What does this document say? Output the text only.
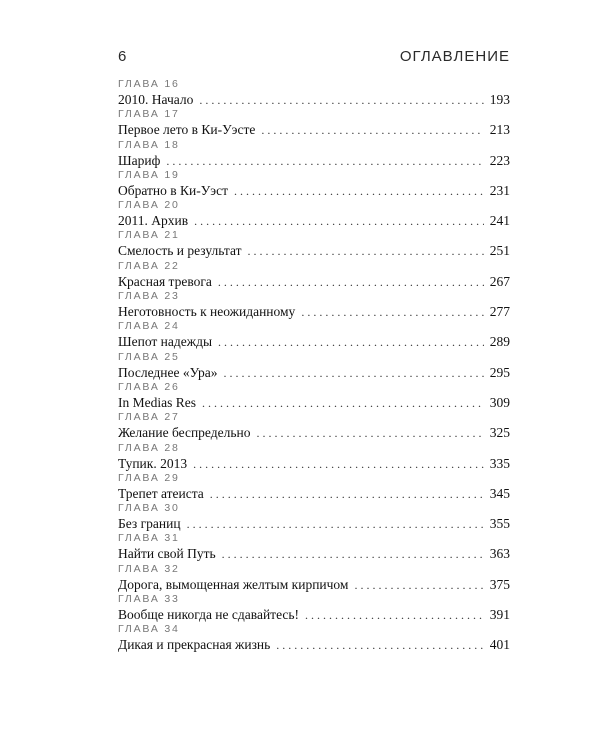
6	ОГЛАВЛЕНИЕ
ГЛАВА 16
2010. Начало . . .	193
ГЛАВА 17
Первое лето в Ки-Уэсте . . .	213
ГЛАВА 18
Шариф . . .	223
ГЛАВА 19
Обратно в Ки-Уэст . . .	231
ГЛАВА 20
2011. Архив . . .	241
ГЛАВА 21
Смелость и результат . . .	251
ГЛАВА 22
Красная тревога . . .	267
ГЛАВА 23
Неготовность к неожиданному . . .	277
ГЛАВА 24
Шепот надежды . . .	289
ГЛАВА 25
Последнее «Ура» . . .	295
ГЛАВА 26
In Medias Res . . .	309
ГЛАВА 27
Желание беспредельно . . .	325
ГЛАВА 28
Тупик. 2013 . . .	335
ГЛАВА 29
Трепет атеиста . . .	345
ГЛАВА 30
Без границ . . .	355
ГЛАВА 31
Найти свой Путь . . .	363
ГЛАВА 32
Дорога, вымощенная желтым кирпичом . . .	375
ГЛАВА 33
Вообще никогда не сдавайтесь! . . .	391
ГЛАВА 34
Дикая и прекрасная жизнь . . .	401
